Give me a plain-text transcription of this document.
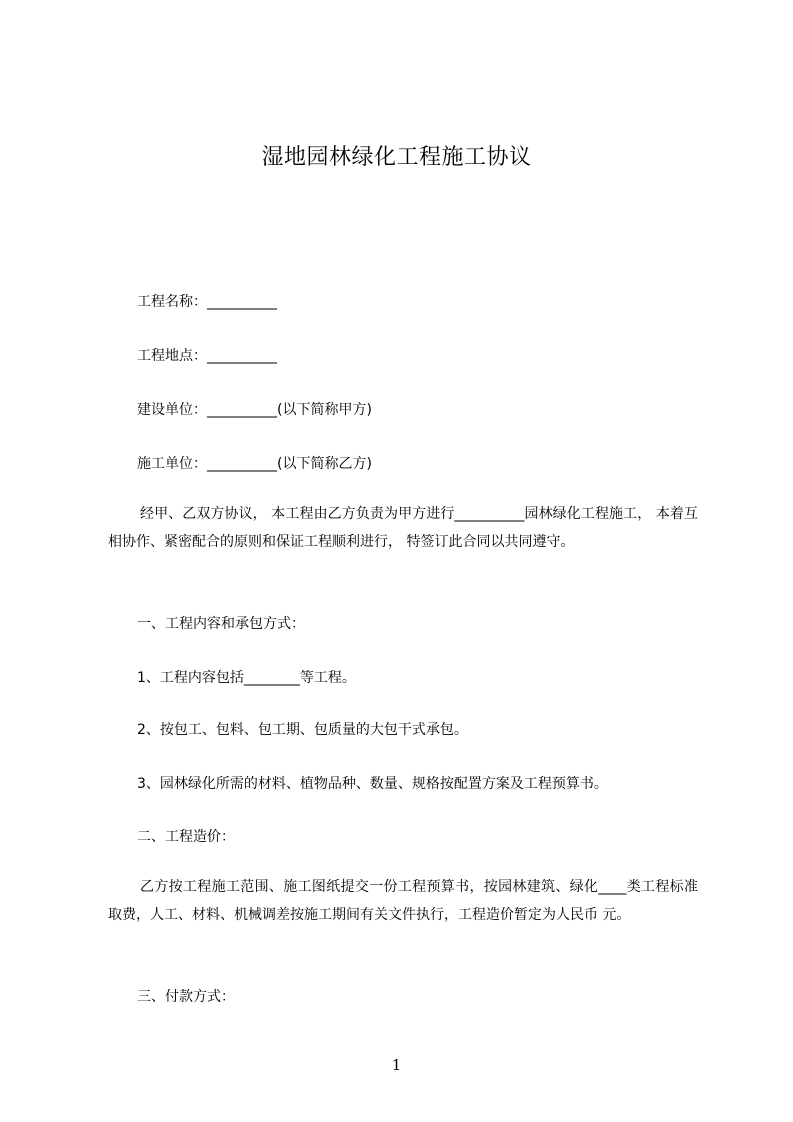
湿地园林绿化工程施工协议
工程名称：__________
工程地点：__________
建设单位：__________(以下简称甲方)
施工单位：__________(以下简称乙方)
经甲、乙双方协议， 本工程由乙方负责为甲方进行__________园林绿化工程施工， 本着互相协作、紧密配合的原则和保证工程顺利进行， 特签订此合同以共同遵守。
一、工程内容和承包方式：
1、工程内容包括________等工程。
2、按包工、包料、包工期、包质量的大包干式承包。
3、园林绿化所需的材料、植物品种、数量、规格按配置方案及工程预算书。
二、工程造价：
乙方按工程施工范围、施工图纸提交一份工程预算书，按园林建筑、绿化____类工程标准取费，人工、材料、机械调差按施工期间有关文件执行，工程造价暂定为人民币 元。
三、付款方式：
1
